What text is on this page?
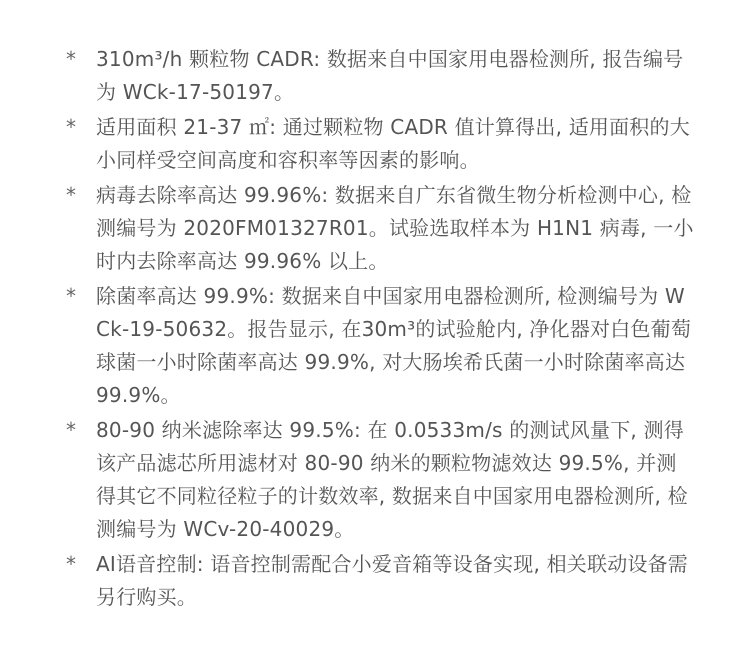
* 310m³/h 颗粒物 CADR: 数据来自中国家用电器检测所, 报告编号为 WCk-17-50197。
* 适用面积 21-37 ㎡: 通过颗粒物 CADR 值计算得出, 适用面积的大小同样受空间高度和容积率等因素的影响。
* 病毒去除率高达 99.96%: 数据来自广东省微生物分析检测中心, 检测编号为 2020FM01327R01。试验选取样本为 H1N1 病毒, 一小时内去除率高达 99.96% 以上。
* 除菌率高达 99.9%: 数据来自中国家用电器检测所, 检测编号为 WCk-19-50632。报告显示, 在30m³的试验舱内, 净化器对白色葡萄球菌一小时除菌率高达 99.9%, 对大肠埃希氏菌一小时除菌率高达 99.9%。
* 80-90 纳米滤除率达 99.5%: 在 0.0533m/s 的测试风量下, 测得该产品滤芯所用滤材对 80-90 纳米的颗粒物滤效达 99.5%, 并测得其它不同粒径粒子的计数效率, 数据来自中国家用电器检测所, 检测编号为 WCv-20-40029。
* AI语音控制: 语音控制需配合小爱音箱等设备实现, 相关联动设备需另行购买。
